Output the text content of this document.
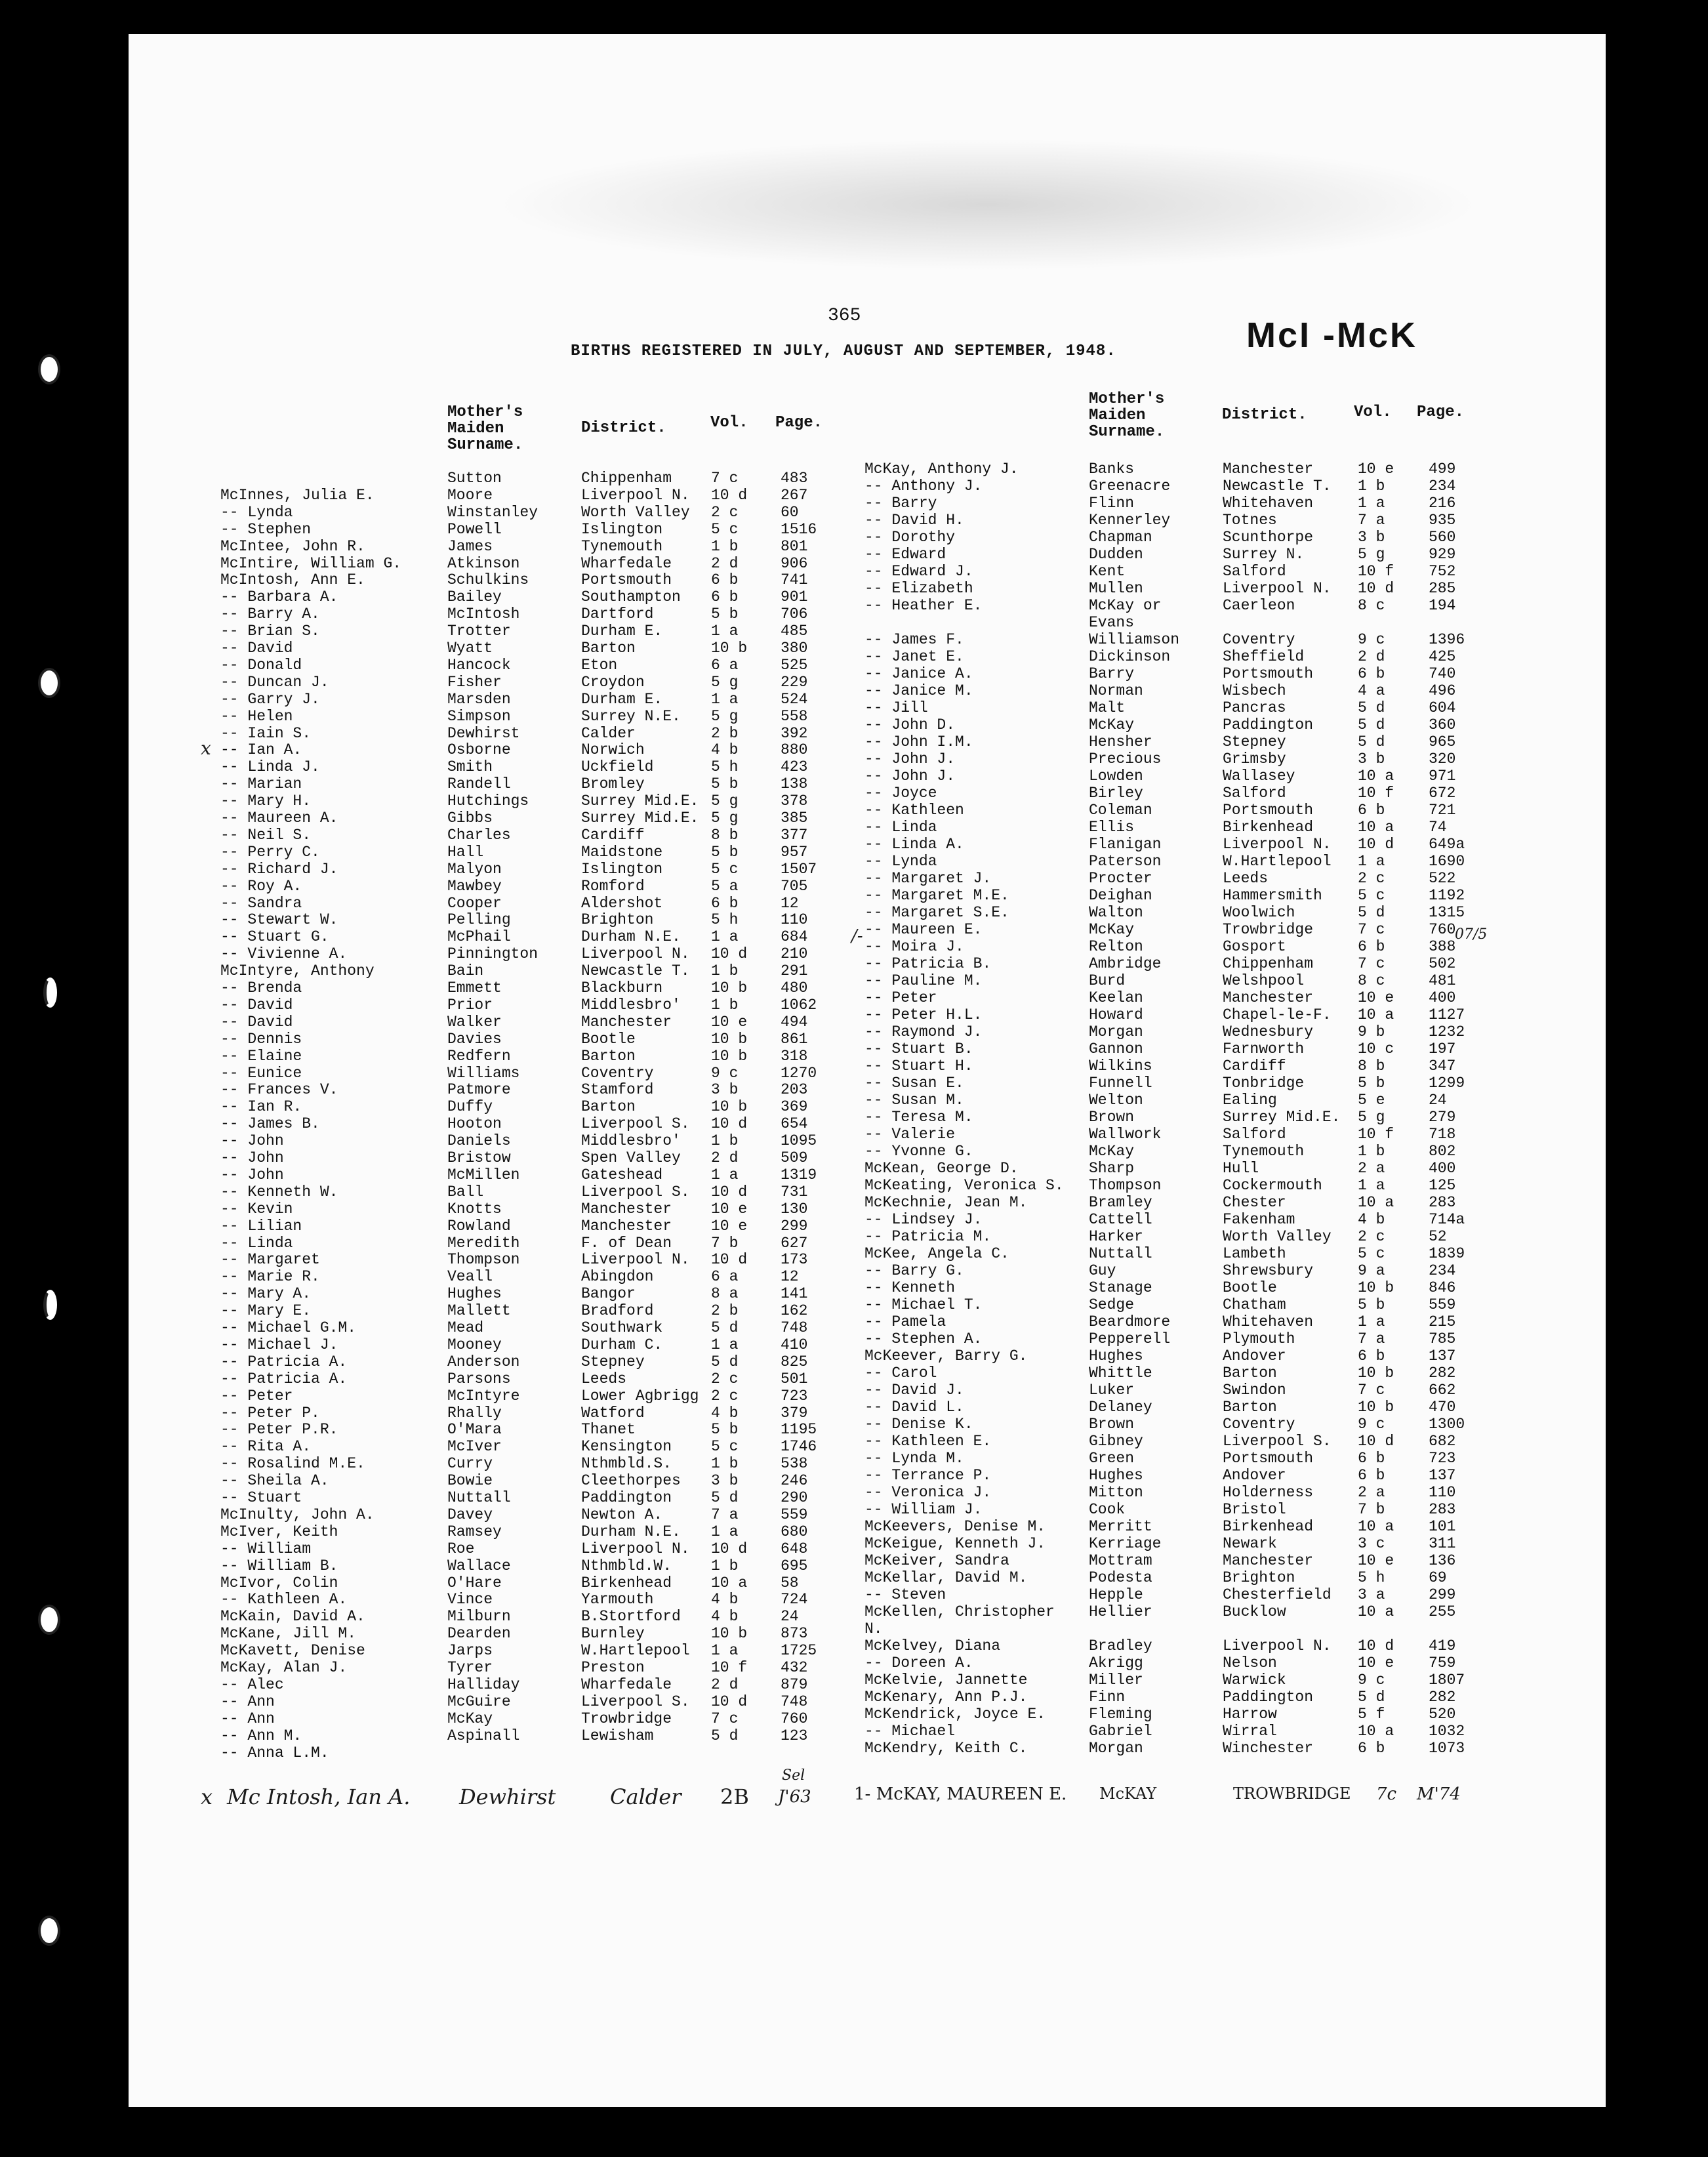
365
BIRTHS REGISTERED IN JULY, AUGUST AND SEPTEMBER, 1948.	McI -McK
Mother's
Maiden
Surname.
District.	Vol. Page.
Mother's
Maiden
Surname.
District.	Vol. Page.
Sutton	Chippenham	7 c	483
McInnes, Julia E.	Moore	Liverpool N. 10 d 267
-- Lynda	Winstanley	Worth Valley 2 c	60
-- Stephen	Powell	Islington	5 c	1516
McIntee, John R.	James	Tynemouth	1 b	801
McIntire, William G.	Atkinson	Wharfedale	2 d	906
McIntosh, Ann E.	Schulkins	Portsmouth	6 b	741
-- Barbara A.	Bailey	Southampton 6 b	901
-- Barry A.	McIntosh	Dartford	5 b	706
-- Brian S.	Trotter	Durham E.	1 a	485
-- David	Wyatt	Barton	10 b 380
-- Donald	Hancock	Eton	6 a	525
-- Duncan J.	Fisher	Croydon	5 g	229
-- Garry J.	Marsden	Durham E.	1 a	524
-- Helen	Simpson	Surrey N.E. 5 g	558
-- Iain S.	Dewhirst	Calder	2 b	392
-- Ian A.	Osborne	Norwich	4 b	880
-- Linda J.	Smith	Uckfield	5 h	423
-- Marian	Randell	Bromley	5 b	138
-- Mary H.	Hutchings	Surrey Mid.E. 5 g	378
-- Maureen A.	Gibbs	Surrey Mid.E. 5 g	385
-- Neil S.	Charles	Cardiff	8 b	377
-- Perry C.	Hall	Maidstone	5 b	957
-- Richard J.	Malyon	Islington	5 c	1507
-- Roy A.	Mawbey	Romford	5 a	705
-- Sandra	Cooper	Aldershot	6 b	12
-- Stewart W.	Pelling	Brighton	5 h	110
-- Stuart G.	McPhail	Durham N.E. 1 a	684
-- Vivienne A.	Pinnington	Liverpool N. 10 d 210
McIntyre, Anthony	Bain	Newcastle T. 1 b	291
-- Brenda	Emmett	Blackburn	10 b 480
-- David	Prior	Middlesbro' 1 b	1062
-- David	Walker	Manchester	10 e 494
-- Dennis	Davies	Bootle	10 b 861
-- Elaine	Redfern	Barton	10 b 318
-- Eunice	Williams	Coventry	9 c	1270
-- Frances V.	Patmore	Stamford	3 b	203
-- Ian R.	Duffy	Barton	10 b 369
-- James B.	Hooton	Liverpool S. 10 d 654
-- John	Daniels	Middlesbro' 1 b	1095
-- John	Bristow	Spen Valley 2 d	509
-- John	McMillen	Gateshead	1 a	1319
-- Kenneth W.	Ball	Liverpool S. 10 d 731
-- Kevin	Knotts	Manchester	10 e 130
-- Lilian	Rowland	Manchester	10 e 299
-- Linda	Meredith	F. of Dean	7 b	627
-- Margaret	Thompson	Liverpool N. 10 d 173
-- Marie R.	Veall	Abingdon	6 a	12
-- Mary A.	Hughes	Bangor	8 a	141
-- Mary E.	Mallett	Bradford	2 b	162
-- Michael G.M.	Mead	Southwark	5 d	748
-- Michael J.	Mooney	Durham C.	1 a	410
-- Patricia A.	Anderson	Stepney	5 d	825
-- Patricia A.	Parsons	Leeds	2 c	501
-- Peter	McIntyre	Lower Agbrigg 2 c	723
-- Peter P.	Rhally	Watford	4 b	379
-- Peter P.R.	O'Mara	Thanet	5 b	1195
-- Rita A.	McIver	Kensington	5 c	1746
-- Rosalind M.E.	Curry	Nthmbld.S.	1 b	538
-- Sheila A.	Bowie	Cleethorpes 3 b	246
-- Stuart	Nuttall	Paddington	5 d	290
McInulty, John A.	Davey	Newton A.	7 a	559
McIver, Keith	Ramsey	Durham N.E. 1 a	680
-- William	Roe	Liverpool N. 10 d 648
-- William B.	Wallace	Nthmbld.W.	1 b	695
McIvor, Colin	O'Hare	Birkenhead	10 a 58
-- Kathleen A.	Vince	Yarmouth	4 b	724
McKain, David A.	Milburn	B.Stortford 4 b	24
McKane, Jill M.	Dearden	Burnley	10 b 873
McKavett, Denise	Jarps	W.Hartlepool 1 a	1725
McKay, Alan J.	Tyrer	Preston	10 f 432
-- Alec	Halliday	Wharfedale	2 d	879
-- Ann	McGuire	Liverpool S. 10 d 748
-- Ann	McKay	Trowbridge	7 c	760
-- Ann M.	Aspinall	Lewisham	5 d	123
-- Anna L.M.
McKay, Anthony J.	Banks	Manchester	10 e 499
-- Anthony J.	Greenacre	Newcastle T. 1 b	234
-- Barry	Flinn	Whitehaven	1 a	216
-- David H.	Kennerley	Totnes	7 a	935
-- Dorothy	Chapman	Scunthorpe	3 b	560
-- Edward	Dudden	Surrey N.	5 g	929
-- Edward J.	Kent	Salford	10 f 752
-- Elizabeth	Mullen	Liverpool N. 10 d 285
-- Heather E.	McKay or	Caerleon	8 c	194
Evans
-- James F.	Williamson	Coventry	9 c	1396
-- Janet E.	Dickinson	Sheffield	2 d	425
-- Janice A.	Barry	Portsmouth	6 b	740
-- Janice M.	Norman	Wisbech	4 a	496
-- Jill	Malt	Pancras	5 d	604
-- John D.	McKay	Paddington	5 d	360
-- John I.M.	Hensher	Stepney	5 d	965
-- John J.	Precious	Grimsby	3 b	320
-- John J.	Lowden	Wallasey	10 a 971
-- Joyce	Birley	Salford	10 f 672
-- Kathleen	Coleman	Portsmouth	6 b	721
-- Linda	Ellis	Birkenhead	10 a 74
-- Linda A.	Flanigan	Liverpool N. 10 d 649a
-- Lynda	Paterson	W.Hartlepool 1 a	1690
-- Margaret J.	Procter	Leeds	2 c	522
-- Margaret M.E.	Deighan	Hammersmith 5 c	1192
-- Margaret S.E.	Walton	Woolwich	5 d	1315
-- Maureen E.	McKay	Trowbridge	7 c	760
-- Moira J.	Relton	Gosport	6 b	388
-- Patricia B.	Ambridge	Chippenham	7 c	502
-- Pauline M.	Burd	Welshpool	8 c	481
-- Peter	Keelan	Manchester	10 e 400
-- Peter H.L.	Howard	Chapel-le-F. 10 a 1127
-- Raymond J.	Morgan	Wednesbury	9 b	1232
-- Stuart B.	Gannon	Farnworth	10 c 197
-- Stuart H.	Wilkins	Cardiff	8 b	347
-- Susan E.	Funnell	Tonbridge	5 b	1299
-- Susan M.	Welton	Ealing	5 e	24
-- Teresa M.	Brown	Surrey Mid.E. 5 g	279
-- Valerie	Wallwork	Salford	10 f 718
-- Yvonne G.	McKay	Tynemouth	1 b	802
McKean, George D.	Sharp	Hull	2 a	400
McKeating, Veronica S. Thompson	Cockermouth 1 a	125
McKechnie, Jean M.	Bramley	Chester	10 a 283
-- Lindsey J.	Cattell	Fakenham	4 b	714a
-- Patricia M.	Harker	Worth Valley 2 c	52
McKee, Angela C.	Nuttall	Lambeth	5 c	1839
-- Barry G.	Guy	Shrewsbury	9 a	234
-- Kenneth	Stanage	Bootle	10 b 846
-- Michael T.	Sedge	Chatham	5 b	559
-- Pamela	Beardmore	Whitehaven	1 a	215
-- Stephen A.	Pepperell	Plymouth	7 a	785
McKeever, Barry G.	Hughes	Andover	6 b	137
-- Carol	Whittle	Barton	10 b 282
-- David J.	Luker	Swindon	7 c	662
-- David L.	Delaney	Barton	10 b 470
-- Denise K.	Brown	Coventry	9 c	1300
-- Kathleen E.	Gibney	Liverpool S. 10 d 682
-- Lynda M.	Green	Portsmouth	6 b	723
-- Terrance P.	Hughes	Andover	6 b	137
-- Veronica J.	Mitton	Holderness	2 a	110
-- William J.	Cook	Bristol	7 b	283
McKeevers, Denise M.	Merritt	Birkenhead	10 a 101
McKeigue, Kenneth J.	Kerriage	Newark	3 c	311
McKeiver, Sandra	Mottram	Manchester	10 e 136
McKellar, David M.	Podesta	Brighton	5 h	69
-- Steven	Hepple	Chesterfield 3 a	299
McKellen, Christopher Hellier	Bucklow	10 a 255
N.
McKelvey, Diana	Bradley	Liverpool N. 10 d 419
-- Doreen A.	Akrigg	Nelson	10 e 759
McKelvie, Jannette	Miller	Warwick	9 c	1807
McKenary, Ann P.J.	Finn	Paddington	5 d	282
McKendrick, Joyce E.	Fleming	Harrow	5 f	520
-- Michael	Gabriel	Wirral	10 a 1032
McKendry, Keith C.	Morgan	Winchester	6 b	1073
x
/-	07/5
x Mc Intosh, Ian A. Dewhirst	Calder 2B
Sel
J'63	1- McKAY, MAUREEN E. McKAY	TROWBRIDGE 7c M'74
